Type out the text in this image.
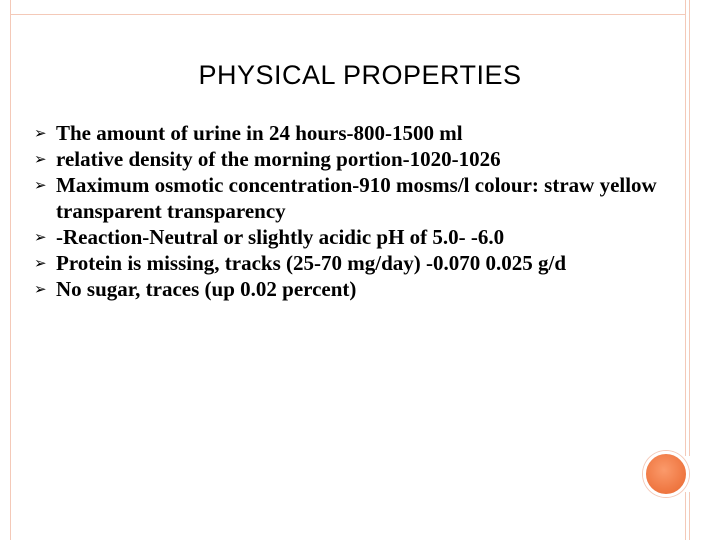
PHYSICAL PROPERTIES
➢ The amount of urine in 24 hours-800-1500 ml
➢ relative density of the morning portion-1020-1026
➢ Maximum osmotic concentration-910 mosms/l colour: straw yellow transparent transparency
➢ -Reaction-Neutral or slightly acidic pH of 5.0- -6.0
➢ Protein is missing, tracks (25-70 mg/day) -0.070 0.025 g/d
➢ No sugar, traces (up 0.02 percent)
